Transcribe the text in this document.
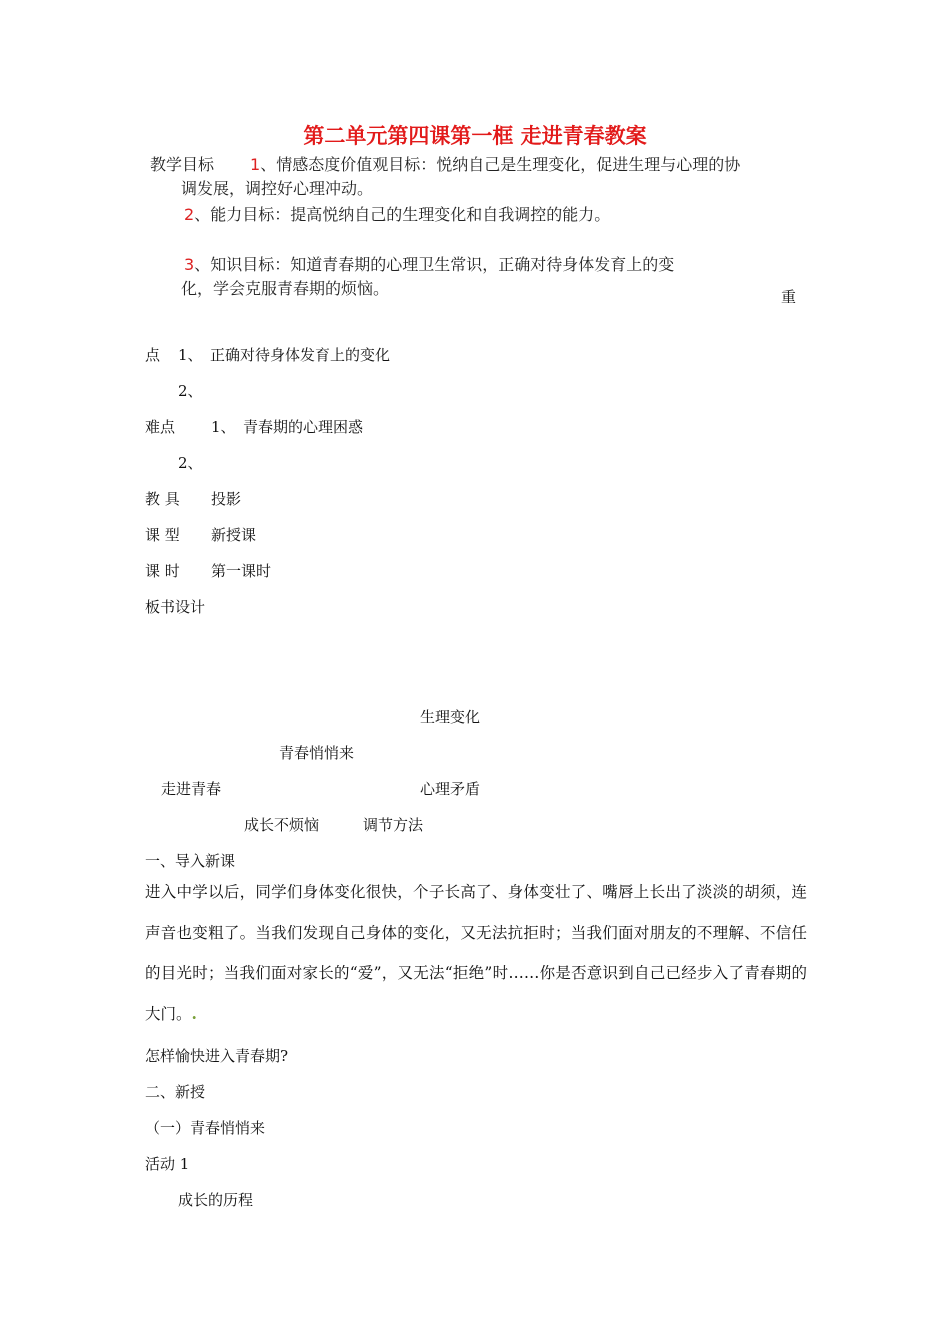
第二单元第四课第一框 走进青春教案
教学目标 1、情感态度价值观目标：悦纳自己是生理变化，促进生理与心理的协
调发展，调控好心理冲动。
2、能力目标：提高悦纳自己的生理变化和自我调控的能力。
3、知识目标：知道青春期的心理卫生常识，正确对待身体发育上的变
化，学会克服青春期的烦恼。	重
点 1、　正确对待身体发育上的变化
2、
难点 1、　青春期的心理困惑
2、
教 具 投影
课 型 新授课
课 时 第一课时
板书设计
生理变化
青春悄悄来
走进青春	心理矛盾
成长不烦恼	调节方法
一、导入新课
进入中学以后，同学们身体变化很快，个子长高了、身体变壮了、嘴唇上长出了淡淡的胡须，连声音也变粗了。当我们发现自己身体的变化，又无法抗拒时；当我们面对朋友的不理解、不信任的目光时；当我们面对家长的“爱”，又无法“拒绝”时……你是否意识到自己已经步入了青春期的大门。.
怎样愉快进入青春期?
二、新授
（一）青春悄悄来
活动 1
成长的历程
